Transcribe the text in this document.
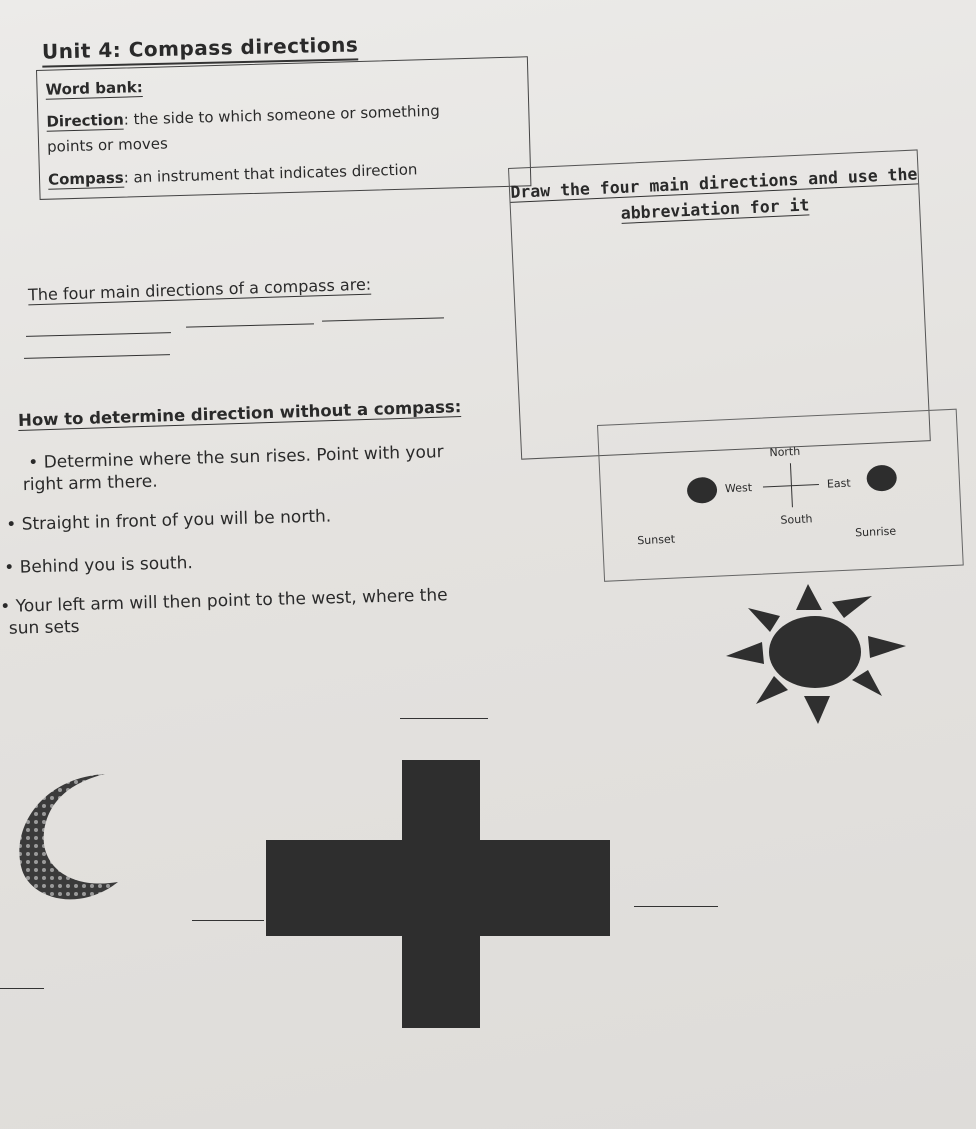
Unit 4: Compass directions
Word bank:
Direction: the side to which someone or something
points or moves
Compass: an instrument that indicates direction	Draw the four main directions and use the
abbreviation for it
The four main directions of a compass are:
How to determine direction without a compass:
• Determine where the sun rises. Point with your
right arm there.
• Straight in front of you will be north.
• Behind you is south.
• Your left arm will then point to the west, where the
sun sets
North
West	East
South
Sunset
Sunrise
